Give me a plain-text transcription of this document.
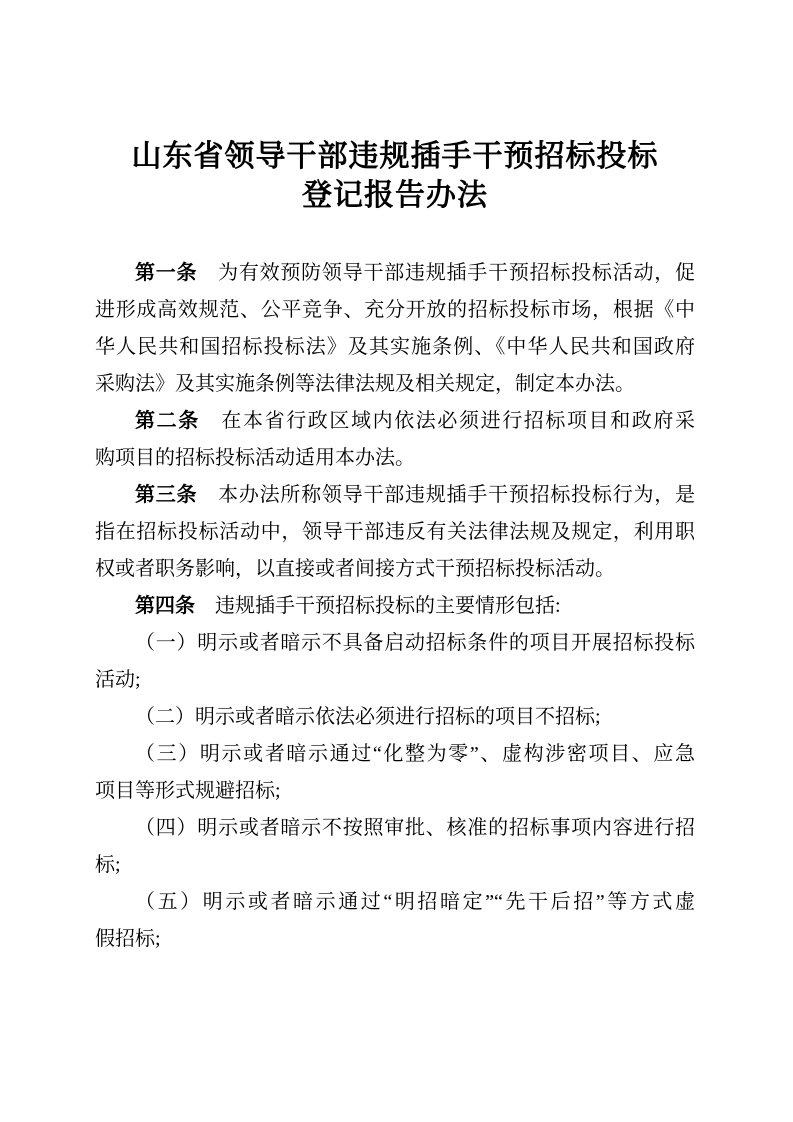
山东省领导干部违规插手干预招标投标
登记报告办法
第一条　为有效预防领导干部违规插手干预招标投标活动，促
进形成高效规范、公平竞争、充分开放的招标投标市场，根据《中
华人民共和国招标投标法》及其实施条例、《中华人民共和国政府
采购法》及其实施条例等法律法规及相关规定，制定本办法。
第二条　在本省行政区域内依法必须进行招标项目和政府采
购项目的招标投标活动适用本办法。
第三条　本办法所称领导干部违规插手干预招标投标行为，是
指在招标投标活动中，领导干部违反有关法律法规及规定，利用职
权或者职务影响，以直接或者间接方式干预招标投标活动。
第四条　违规插手干预招标投标的主要情形包括:
（一）明示或者暗示不具备启动招标条件的项目开展招标投标
活动;
（二）明示或者暗示依法必须进行招标的项目不招标;
（三）明示或者暗示通过“化整为零”、虚构涉密项目、应急
项目等形式规避招标;
（四）明示或者暗示不按照审批、核准的招标事项内容进行招
标;
（五）明示或者暗示通过“明招暗定”“先干后招”等方式虚
假招标;
